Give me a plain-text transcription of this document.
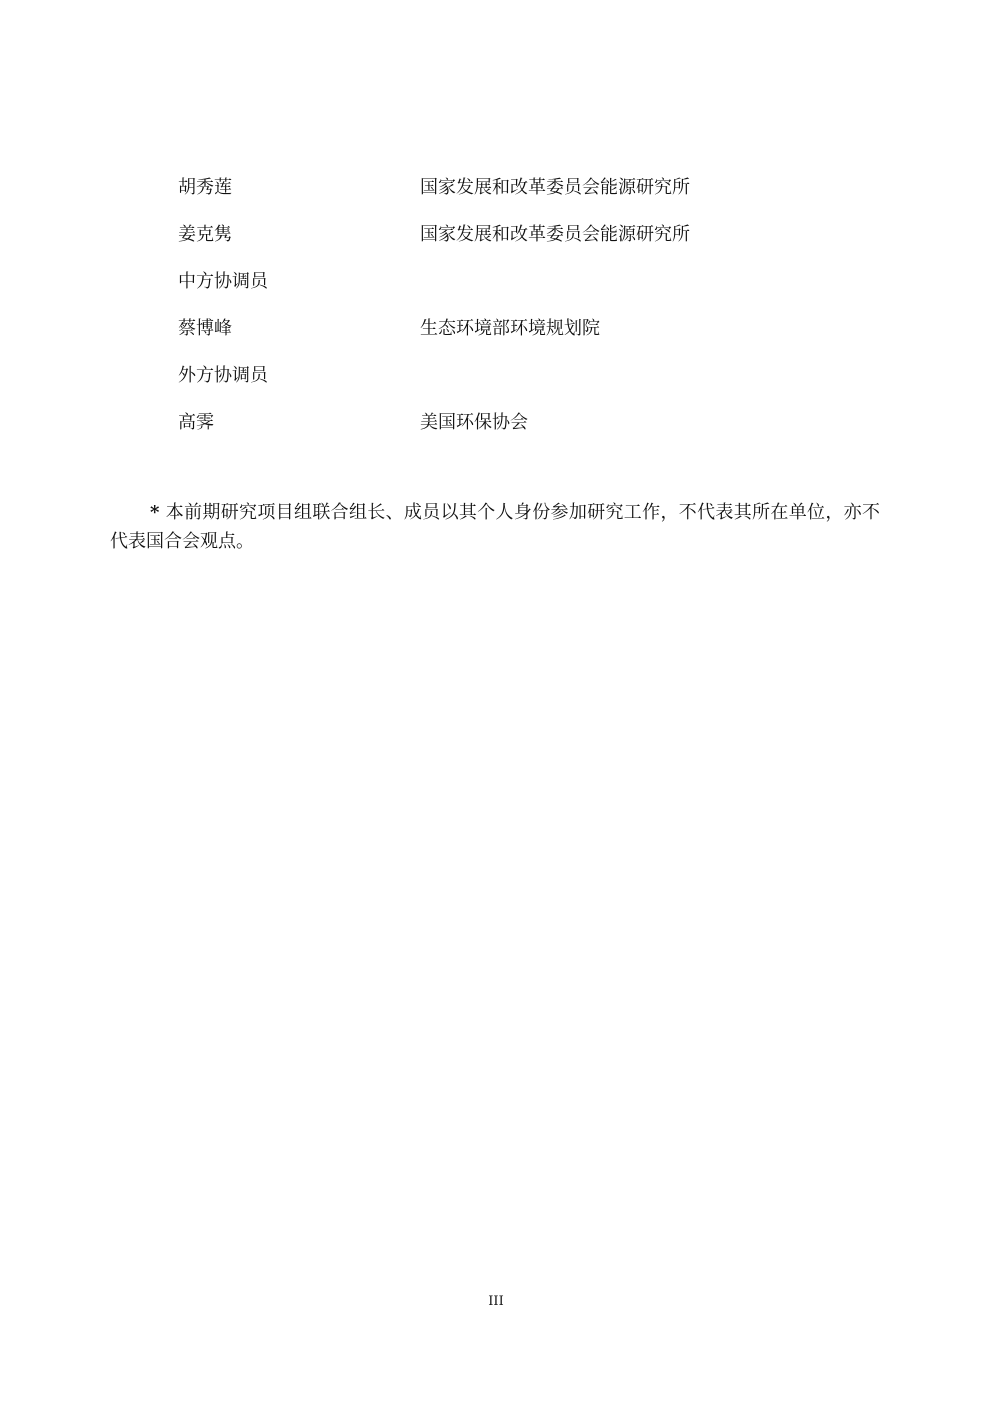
胡秀莲	国家发展和改革委员会能源研究所
姜克隽	国家发展和改革委员会能源研究所
中方协调员
蔡博峰	生态环境部环境规划院
外方协调员
高霁	美国环保协会

* 本前期研究项目组联合组长、成员以其个人身份参加研究工作，不代表其所在单位，亦不代表国合会观点。

III
